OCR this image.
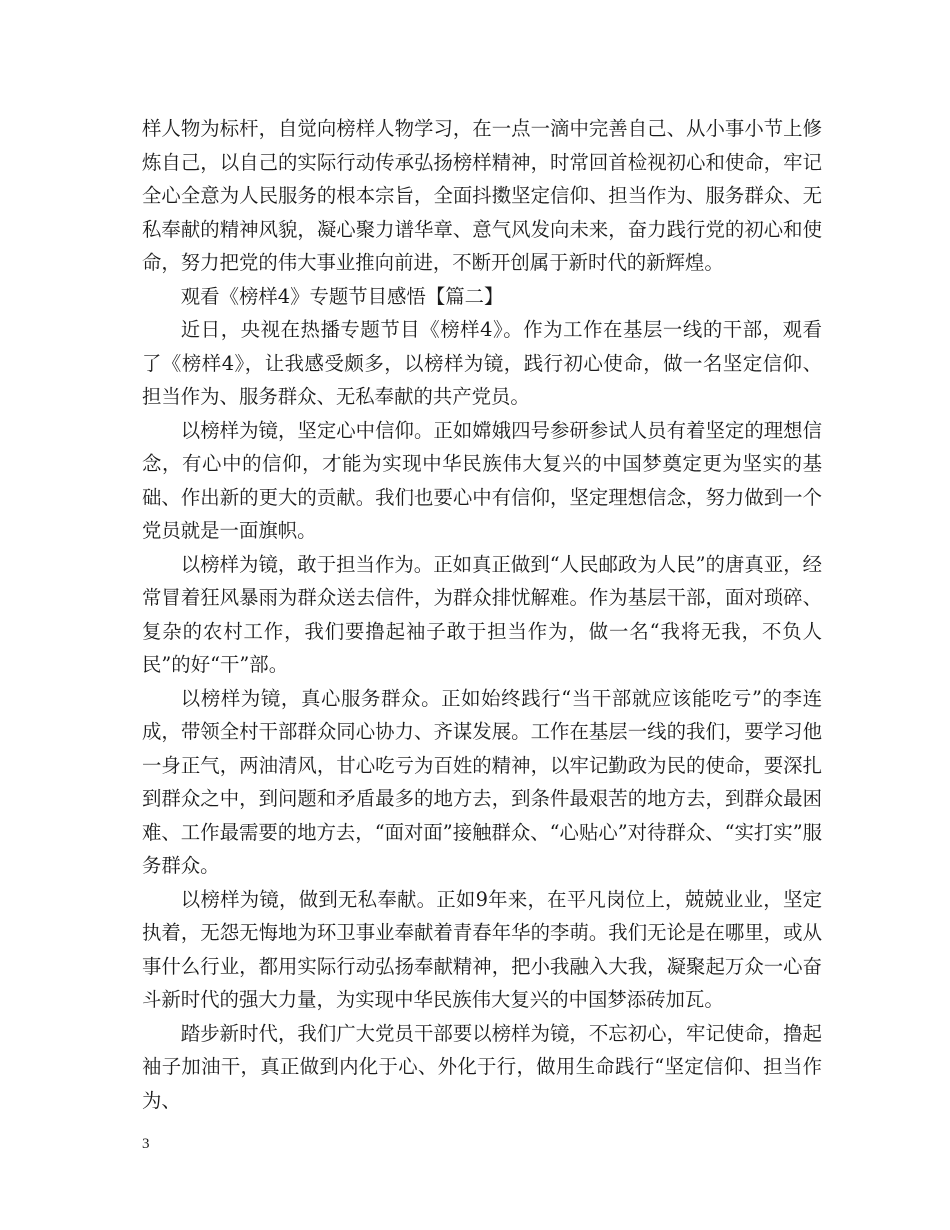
样人物为标杆，自觉向榜样人物学习，在一点一滴中完善自己、从小事小节上修炼自己，以自己的实际行动传承弘扬榜样精神，时常回首检视初心和使命，牢记全心全意为人民服务的根本宗旨，全面抖擞坚定信仰、担当作为、服务群众、无私奉献的精神风貌，凝心聚力谱华章、意气风发向未来，奋力践行党的初心和使命，努力把党的伟大事业推向前进，不断开创属于新时代的新辉煌。

观看《榜样4》专题节目感悟【篇二】

近日，央视在热播专题节目《榜样4》。作为工作在基层一线的干部，观看了《榜样4》，让我感受颇多，以榜样为镜，践行初心使命，做一名坚定信仰、担当作为、服务群众、无私奉献的共产党员。

以榜样为镜，坚定心中信仰。正如嫦娥四号参研参试人员有着坚定的理想信念，有心中的信仰，才能为实现中华民族伟大复兴的中国梦奠定更为坚实的基础、作出新的更大的贡献。我们也要心中有信仰，坚定理想信念，努力做到一个党员就是一面旗帜。

以榜样为镜，敢于担当作为。正如真正做到“人民邮政为人民”的唐真亚，经常冒着狂风暴雨为群众送去信件，为群众排忧解难。作为基层干部，面对琐碎、复杂的农村工作，我们要撸起袖子敢于担当作为，做一名“我将无我，不负人民”的好“干”部。

以榜样为镜，真心服务群众。正如始终践行“当干部就应该能吃亏”的李连成，带领全村干部群众同心协力、齐谋发展。工作在基层一线的我们，要学习他一身正气，两油清风，甘心吃亏为百姓的精神，以牢记勤政为民的使命，要深扎到群众之中，到问题和矛盾最多的地方去，到条件最艰苦的地方去，到群众最困难、工作最需要的地方去，“面对面”接触群众、“心贴心”对待群众、“实打实”服务群众。

以榜样为镜，做到无私奉献。正如9年来，在平凡岗位上，兢兢业业，坚定执着，无怨无悔地为环卫事业奉献着青春年华的李萌。我们无论是在哪里，或从事什么行业，都用实际行动弘扬奉献精神，把小我融入大我，凝聚起万众一心奋斗新时代的强大力量，为实现中华民族伟大复兴的中国梦添砖加瓦。

踏步新时代，我们广大党员干部要以榜样为镜，不忘初心，牢记使命，撸起袖子加油干，真正做到内化于心、外化于行，做用生命践行“坚定信仰、担当作为、

3
